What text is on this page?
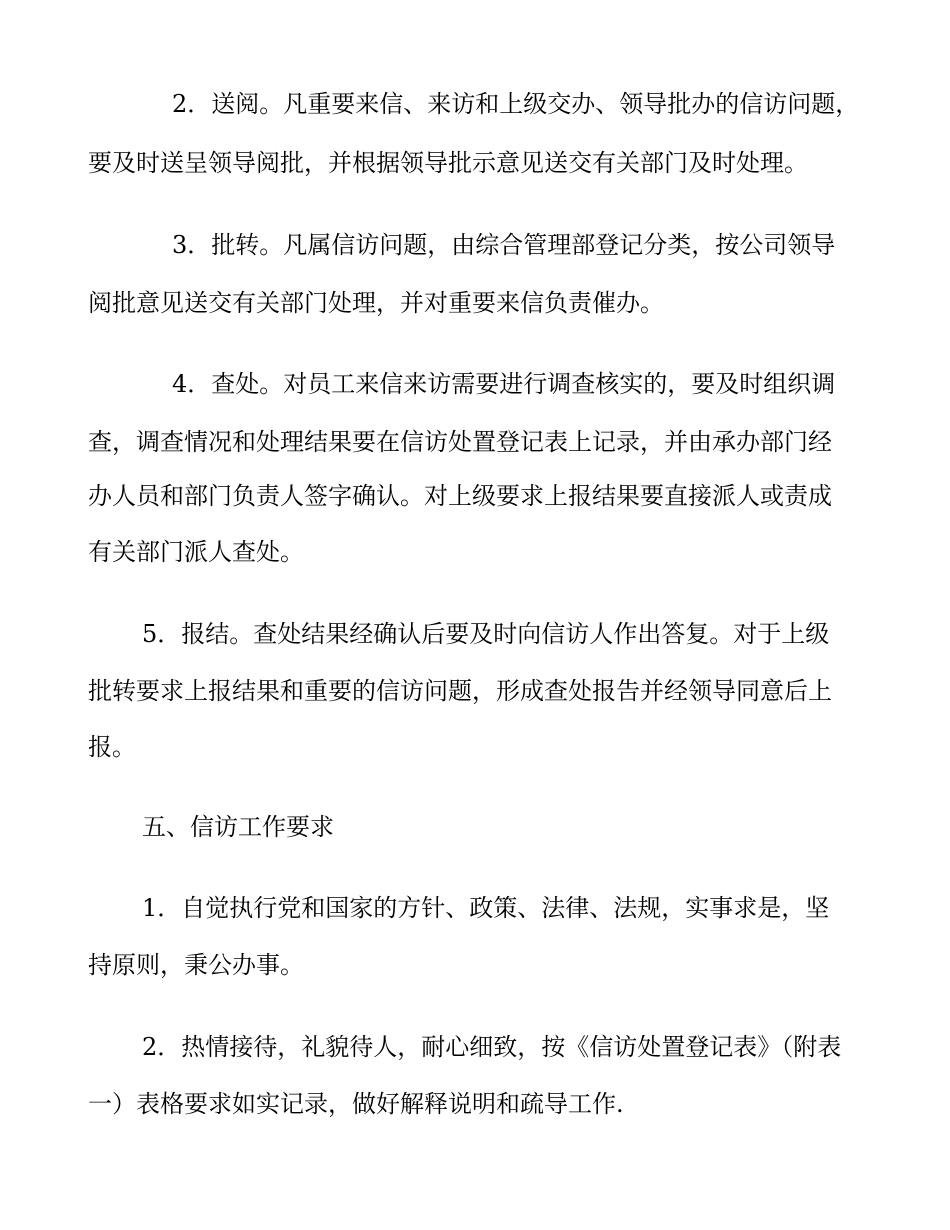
2．送阅。凡重要来信、来访和上级交办、领导批办的信访问题，
要及时送呈领导阅批，并根据领导批示意见送交有关部门及时处理。
3．批转。凡属信访问题，由综合管理部登记分类，按公司领导
阅批意见送交有关部门处理，并对重要来信负责催办。
4．查处。对员工来信来访需要进行调查核实的，要及时组织调
查，调查情况和处理结果要在信访处置登记表上记录，并由承办部门经
办人员和部门负责人签字确认。对上级要求上报结果要直接派人或责成
有关部门派人查处。
5．报结。查处结果经确认后要及时向信访人作出答复。对于上级
批转要求上报结果和重要的信访问题，形成查处报告并经领导同意后上
报。
五、信访工作要求
1．自觉执行党和国家的方针、政策、法律、法规，实事求是，坚
持原则，秉公办事。
2．热情接待，礼貌待人，耐心细致，按《信访处置登记表》（附表
一）表格要求如实记录，做好解释说明和疏导工作.
